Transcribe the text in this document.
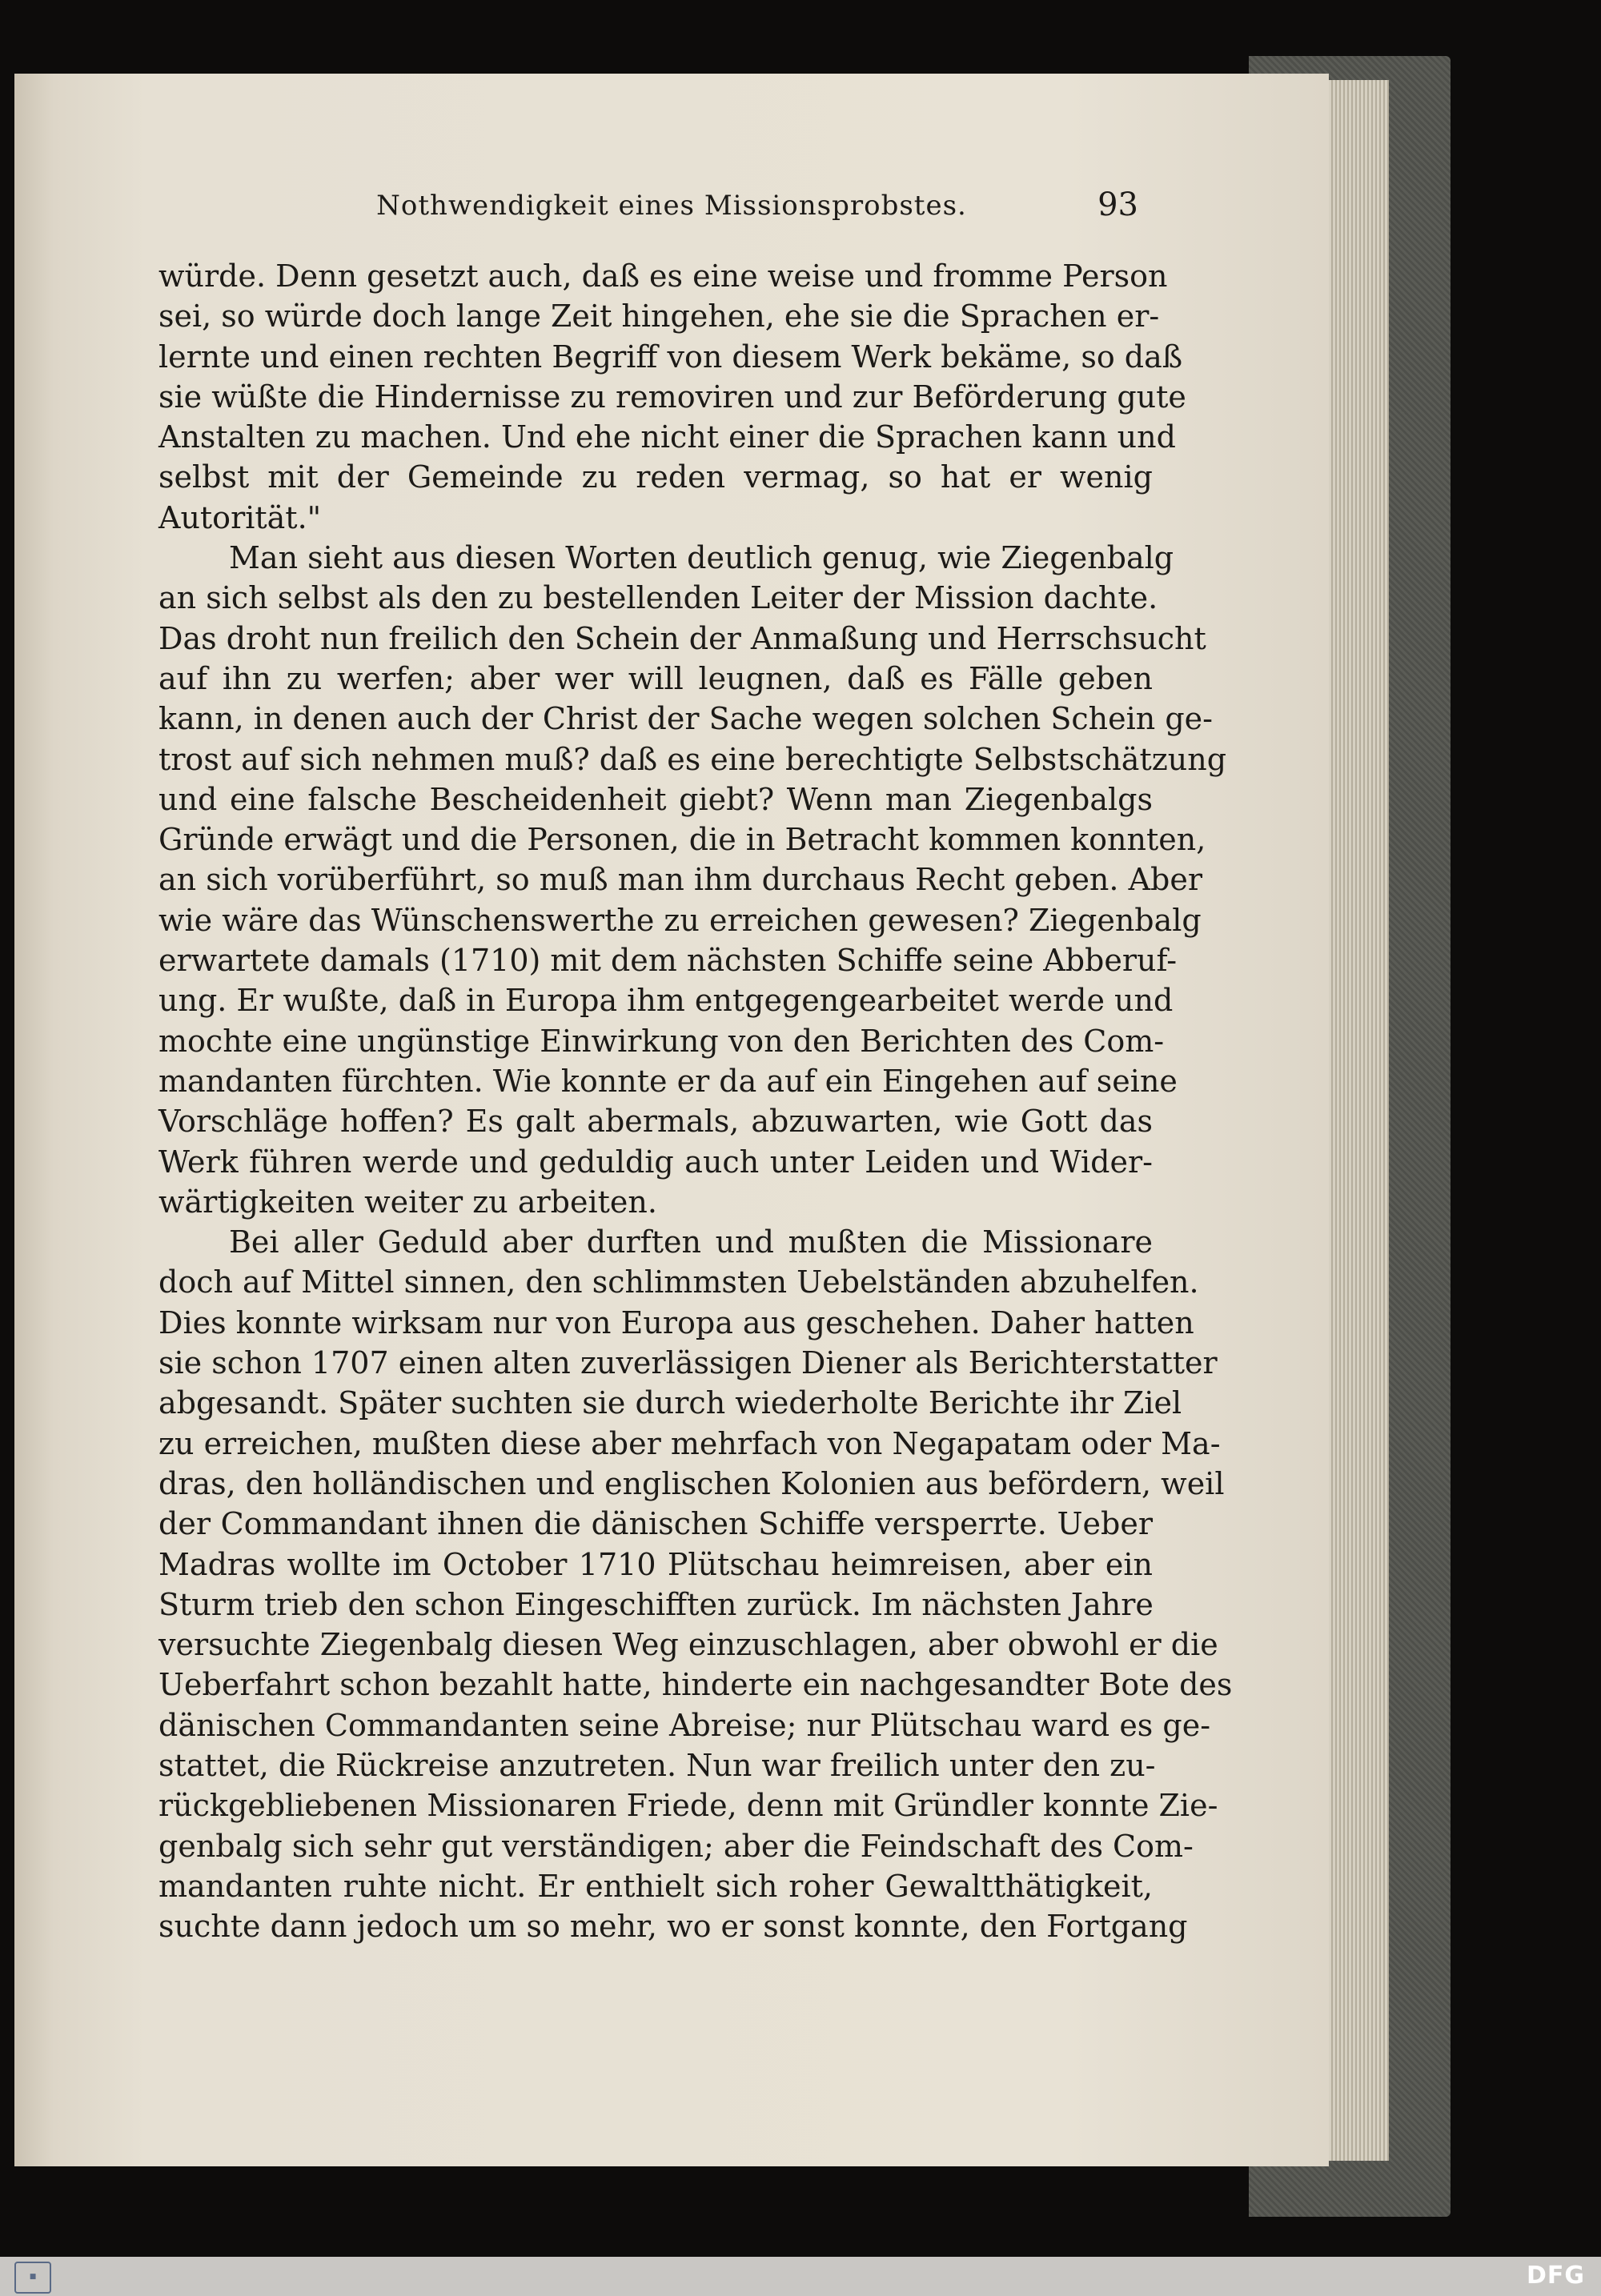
Nothwendigkeit eines Missionsprobstes.	93
würde. Denn gesetzt auch, daß es eine weise und fromme Person
sei, so würde doch lange Zeit hingehen, ehe sie die Sprachen er-
lernte und einen rechten Begriff von diesem Werk bekäme, so daß
sie wüßte die Hindernisse zu removiren und zur Beförderung gute
Anstalten zu machen. Und ehe nicht einer die Sprachen kann und
selbst mit der Gemeinde zu reden vermag, so hat er wenig
Autorität."
Man sieht aus diesen Worten deutlich genug, wie Ziegenbalg
an sich selbst als den zu bestellenden Leiter der Mission dachte.
Das droht nun freilich den Schein der Anmaßung und Herrschsucht
auf ihn zu werfen; aber wer will leugnen, daß es Fälle geben
kann, in denen auch der Christ der Sache wegen solchen Schein ge-
trost auf sich nehmen muß? daß es eine berechtigte Selbstschätzung
und eine falsche Bescheidenheit giebt? Wenn man Ziegenbalgs
Gründe erwägt und die Personen, die in Betracht kommen konnten,
an sich vorüberführt, so muß man ihm durchaus Recht geben. Aber
wie wäre das Wünschenswerthe zu erreichen gewesen? Ziegenbalg
erwartete damals (1710) mit dem nächsten Schiffe seine Abberuf-
ung. Er wußte, daß in Europa ihm entgegengearbeitet werde und
mochte eine ungünstige Einwirkung von den Berichten des Com-
mandanten fürchten. Wie konnte er da auf ein Eingehen auf seine
Vorschläge hoffen? Es galt abermals, abzuwarten, wie Gott das
Werk führen werde und geduldig auch unter Leiden und Wider-
wärtigkeiten weiter zu arbeiten.
Bei aller Geduld aber durften und mußten die Missionare
doch auf Mittel sinnen, den schlimmsten Uebelständen abzuhelfen.
Dies konnte wirksam nur von Europa aus geschehen. Daher hatten
sie schon 1707 einen alten zuverlässigen Diener als Berichterstatter
abgesandt. Später suchten sie durch wiederholte Berichte ihr Ziel
zu erreichen, mußten diese aber mehrfach von Negapatam oder Ma-
dras, den holländischen und englischen Kolonien aus befördern, weil
der Commandant ihnen die dänischen Schiffe versperrte. Ueber
Madras wollte im October 1710 Plütschau heimreisen, aber ein
Sturm trieb den schon Eingeschifften zurück. Im nächsten Jahre
versuchte Ziegenbalg diesen Weg einzuschlagen, aber obwohl er die
Ueberfahrt schon bezahlt hatte, hinderte ein nachgesandter Bote des
dänischen Commandanten seine Abreise; nur Plütschau ward es ge-
stattet, die Rückreise anzutreten. Nun war freilich unter den zu-
rückgebliebenen Missionaren Friede, denn mit Gründler konnte Zie-
genbalg sich sehr gut verständigen; aber die Feindschaft des Com-
mandanten ruhte nicht. Er enthielt sich roher Gewaltthätigkeit,
suchte dann jedoch um so mehr, wo er sonst konnte, den Fortgang
■	DFG
